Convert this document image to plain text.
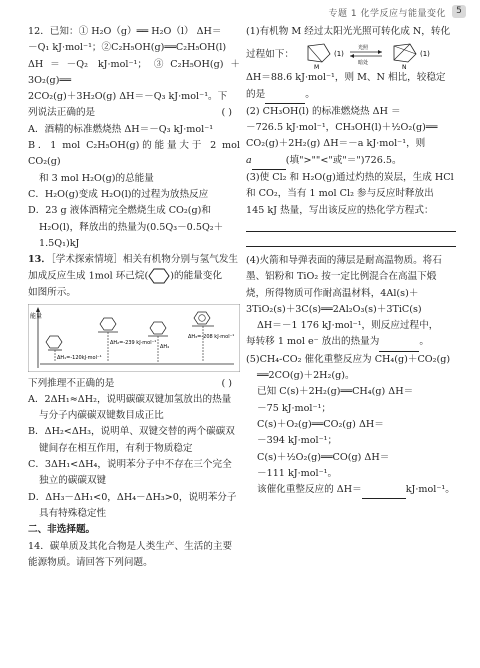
专题 1 化学反应与能量变化	5

12．已知：① H₂O（g）══ H₂O（l） ΔH＝

－Q₁ kJ·mol⁻¹；②C₂H₅OH(g)══C₂H₅OH(l)

ΔH＝－Q₂ kJ·mol⁻¹；③C₂H₅OH(g)＋3O₂(g)══

2CO₂(g)＋3H₂O(g) ΔH＝－Q₃ kJ·mol⁻¹。下

列说法正确的是	( )

A．酒精的标准燃烧热 ΔH＝－Q₃ kJ·mol⁻¹

B．1 mol C₂H₅OH(g)的能量大于 2 mol CO₂(g)

和 3 mol H₂O(g)的总能量

C．H₂O(g)变成 H₂O(l)的过程为放热反应

D．23 g 液体酒精完全燃烧生成 CO₂(g)和

H₂O(l)，释放出的热量为(0.5Q₃－0.5Q₂＋

1.5Q₁)kJ

13．［学术探索情境］相关有机物分别与氢气发生

加成反应生成 1mol 环己烷( )的能量变化

如图所示。

能量
ΔH₁=-120kJ·mol⁻¹
ΔH₂=-239 kJ·mol⁻¹
ΔH₄
ΔH₃=-208 kJ·mol⁻¹

下列推理不正确的是	( )

A．2ΔH₁≈ΔH₂，说明碳碳双键加氢放出的热量

与分子内碳碳双键数目成正比

B．ΔH₂<ΔH₃，说明单、双键交替的两个碳碳双

键间存在相互作用，有利于物质稳定

C．3ΔH₁<ΔH₄，说明苯分子中不存在三个完全

独立的碳碳双键

D．ΔH₃－ΔH₁<0，ΔH₄－ΔH₃>0，说明苯分子

具有特殊稳定性

二、非选择题。

14．碳单质及其化合物是人类生产、生活的主要

能源物质。请回答下列问题。

(1)有机物 M 经过太阳光光照可转化成 N，转化

过程如下：
M
(1)
光照
暗处
N
(1)

ΔH＝88.6 kJ·mol⁻¹，则 M、N 相比，较稳定

的是	。

(2) CH₃OH(l) 的标准燃烧热 ΔH ＝

－726.5 kJ·mol⁻¹，CH₃OH(l)＋½O₂(g)══

CO₂(g)＋2H₂(g) ΔH＝－a kJ·mol⁻¹，则

a	(填">""<"或"＝")726.5。

(3)使 Cl₂ 和 H₂O(g)通过灼热的炭层，生成 HCl

和 CO₂，当有 1 mol Cl₂ 参与反应时释放出

145 kJ 热量，写出该反应的热化学方程式：

(4)火箭和导弹表面的薄层是耐高温物质。将石

墨、铝粉和 TiO₂ 按一定比例混合在高温下煅

烧，所得物质可作耐高温材料，4Al(s)＋

3TiO₂(s)＋3C(s)══2Al₂O₃(s)＋3TiC(s)

ΔH＝－1 176 kJ·mol⁻¹，则反应过程中，

每转移 1 mol e⁻ 放出的热量为	。

(5)CH₄-CO₂ 催化重整反应为 CH₄(g)＋CO₂(g)

══2CO(g)＋2H₂(g)。

已知 C(s)＋2H₂(g)══CH₄(g) ΔH＝

－75 kJ·mol⁻¹；

C(s)＋O₂(g)══CO₂(g) ΔH＝

－394 kJ·mol⁻¹；

C(s)＋½O₂(g)══CO(g) ΔH＝

－111 kJ·mol⁻¹。

该催化重整反应的 ΔH＝	kJ·mol⁻¹。
